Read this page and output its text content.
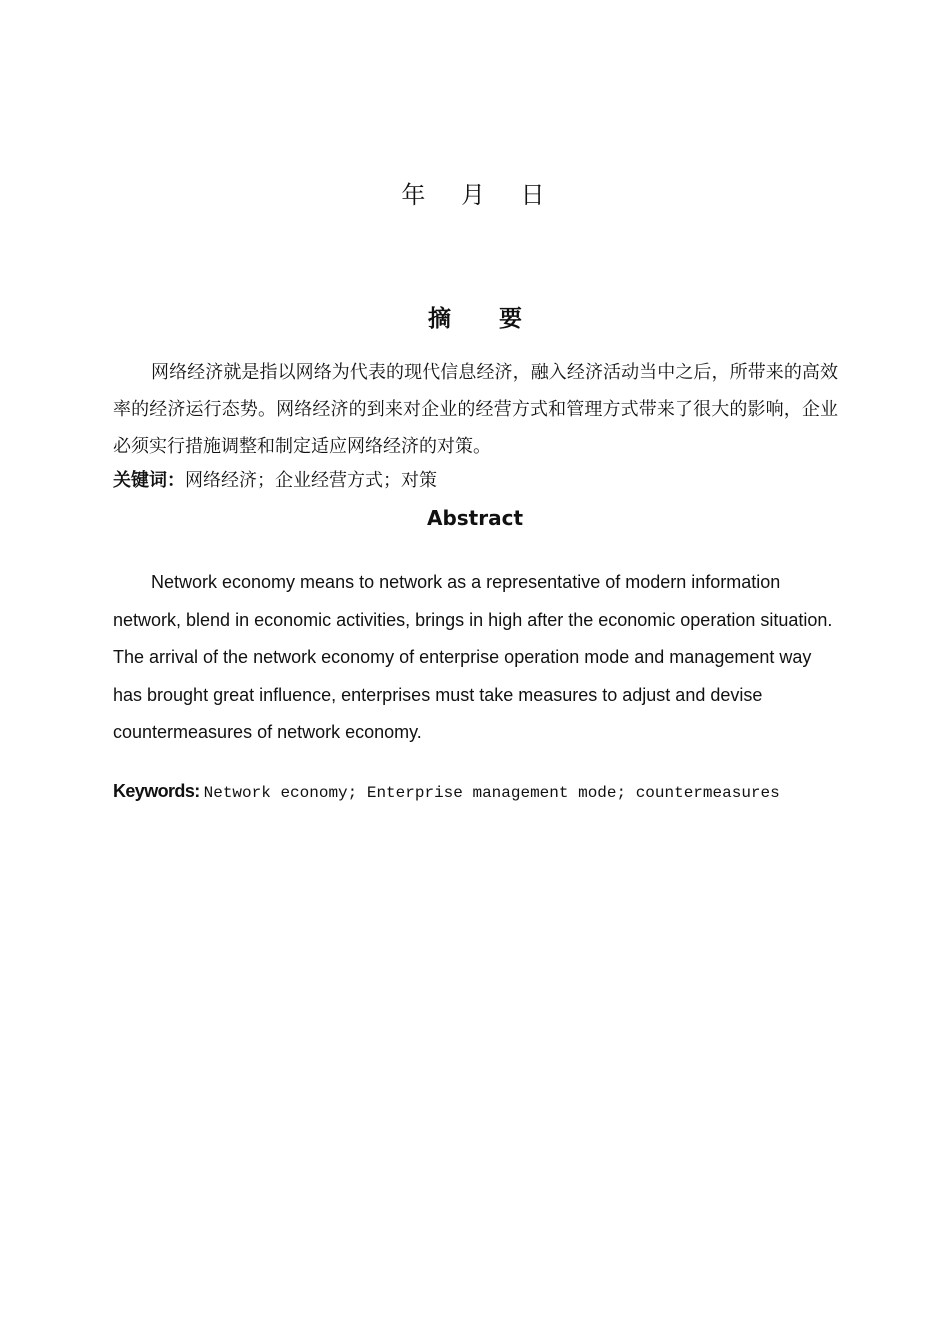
年 月 日
摘 要

网络经济就是指以网络为代表的现代信息经济，融入经济活动当中之后，所带来的高效率的经济运行态势。网络经济的到来对企业的经营方式和管理方式带来了很大的影响，企业必须实行措施调整和制定适应网络经济的对策。

关键词：网络经济；企业经营方式；对策
Abstract

Network economy means to network as a representative of modern information network, blend in economic activities, brings in high after the economic operation situation. The arrival of the network economy of enterprise operation mode and management way has brought great influence, enterprises must take measures to adjust and devise countermeasures of network economy.

Keywords: Network economy; Enterprise management mode; countermeasures
